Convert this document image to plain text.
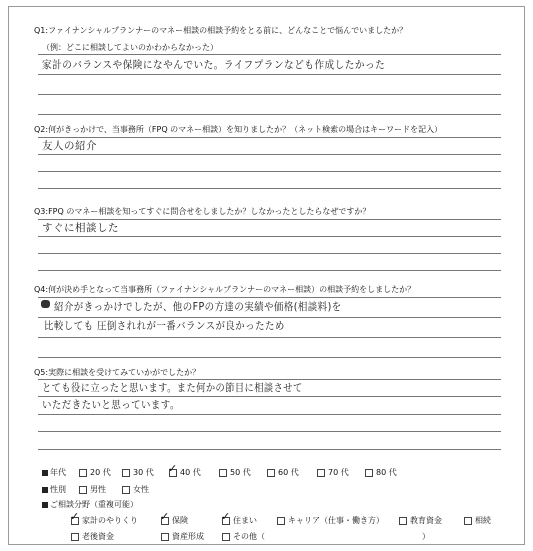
Q1:ファイナンシャルプランナーのマネー相談の相談予約をとる前に、どんなことで悩んでいましたか？
（例：どこに相談してよいのかわからなかった）
家計のバランスや保険になやんでいた。ライフプランなども作成したかった
Q2:何がきっかけで、当事務所（FPQ のマネー相談）を知りましたか？（ネット検索の場合はキーワードを記入）
友人の紹介
Q3:FPQ のマネー相談を知ってすぐに問合せをしましたか？しなかったとしたらなぜですか？
すぐに相談した
Q4:何が決め手となって当事務所（ファイナンシャルプランナーのマネー相談）の相談予約をしましたか？
紹介がきっかけでしたが、他のFPの方達の実績や価格(相談料)を
比較しても 圧倒されれが一番バランスが良かったため
Q5:実際に相談を受けてみていかがでしたか？
とても役に立ったと思います。また何かの節目に相談させて
いただきたいと思っています。
年代	20 代	30 代 ✓	40 代	50 代	60 代	70 代	80 代
性別	男性	女性
ご相談分野（重複可能）
✓家計のやりくり ✓	保険 ✓	住まい	キャリア（仕事・働き方）	教育資金	相続
老後資金	資産形成	その他（	）
